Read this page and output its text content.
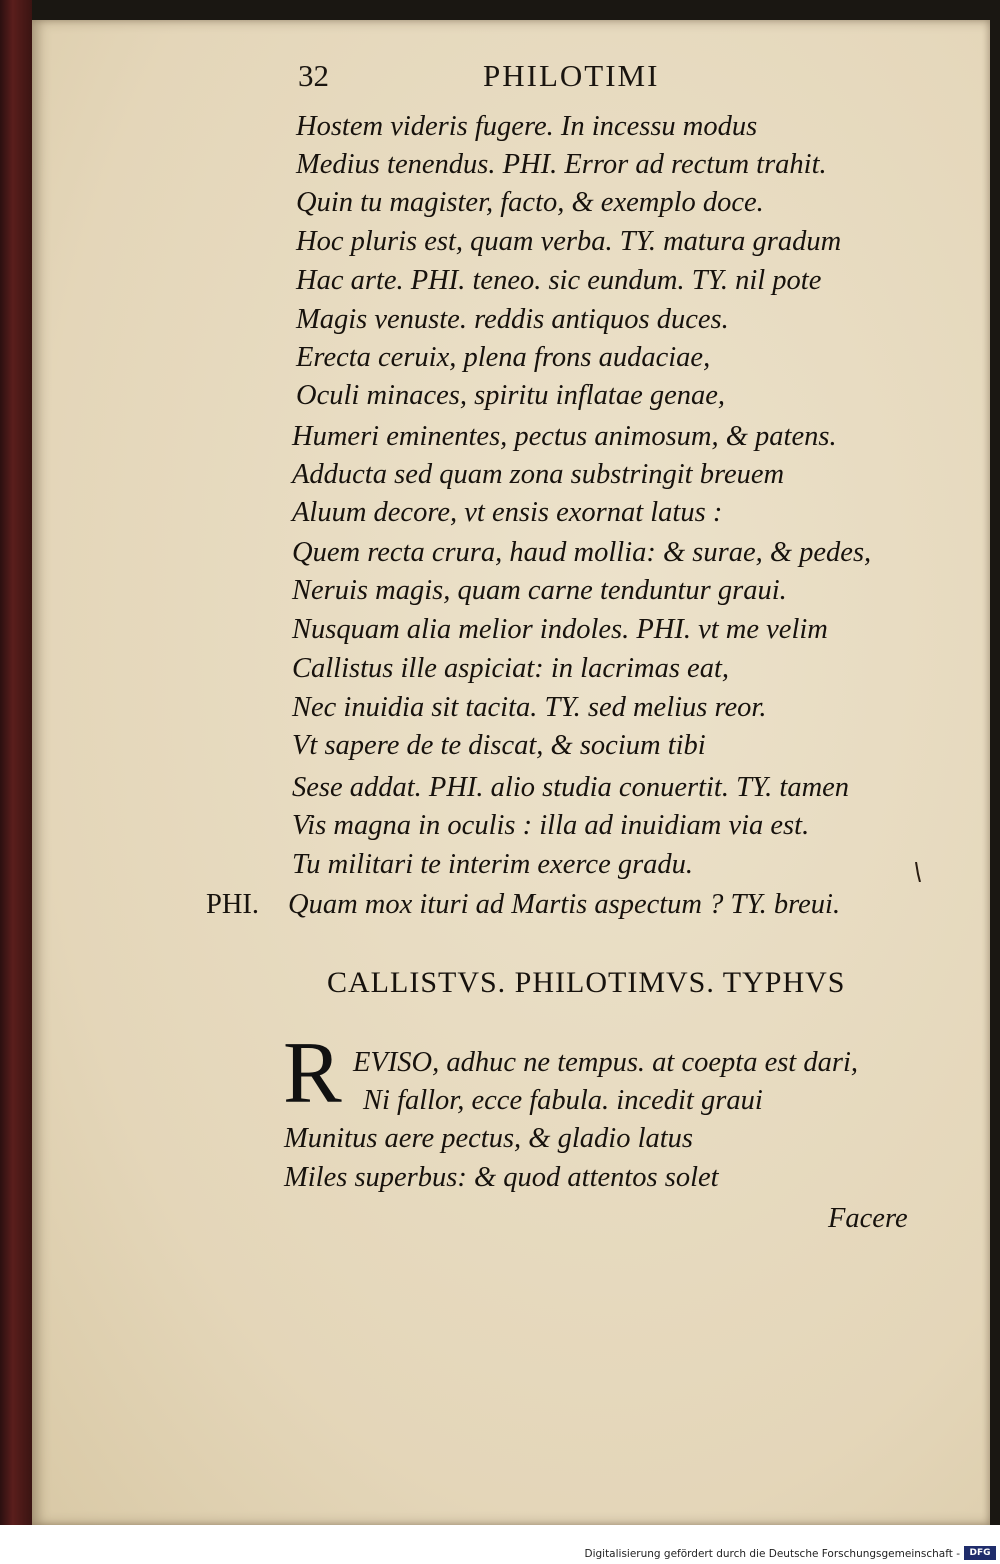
32	PHILOTIMI
Hostem videris fugere. In incessu modus
Medius tenendus. PHI. Error ad rectum trahit.
Quin tu magister, facto, & exemplo doce.
Hoc pluris est, quam verba. TY. matura gradum
Hac arte. PHI. teneo. sic eundum. TY. nil pote
Magis venuste. reddis antiquos duces.
Erecta ceruix, plena frons audaciae,
Oculi minaces, spiritu inflatae genae,
Humeri eminentes, pectus animosum, & patens.
Adducta sed quam zona substringit breuem
Aluum decore, vt ensis exornat latus :
Quem recta crura, haud mollia: & surae, & pedes,
Neruis magis, quam carne tenduntur graui.
Nusquam alia melior indoles. PHI. vt me velim
Callistus ille aspiciat: in lacrimas eat,
Nec inuidia sit tacita. TY. sed melius reor.
Vt sapere de te discat, & socium tibi
Sese addat. PHI. alio studia conuertit. TY. tamen
Vis magna in oculis : illa ad inuidiam via est.
Tu militari te interim exerce gradu.
Quam mox ituri ad Martis aspectum ? TY. breui.
PHI.
CALLISTVS. PHILOTIMVS. TYPHVS
R EVISO, adhuc ne tempus. at coepta est dari,
Ni fallor, ecce fabula. incedit graui
Munitus aere pectus, & gladio latus
Miles superbus: & quod attentos solet
Facere
Digitalisierung gefördert durch die Deutsche Forschungsgemeinschaft -	DFG
